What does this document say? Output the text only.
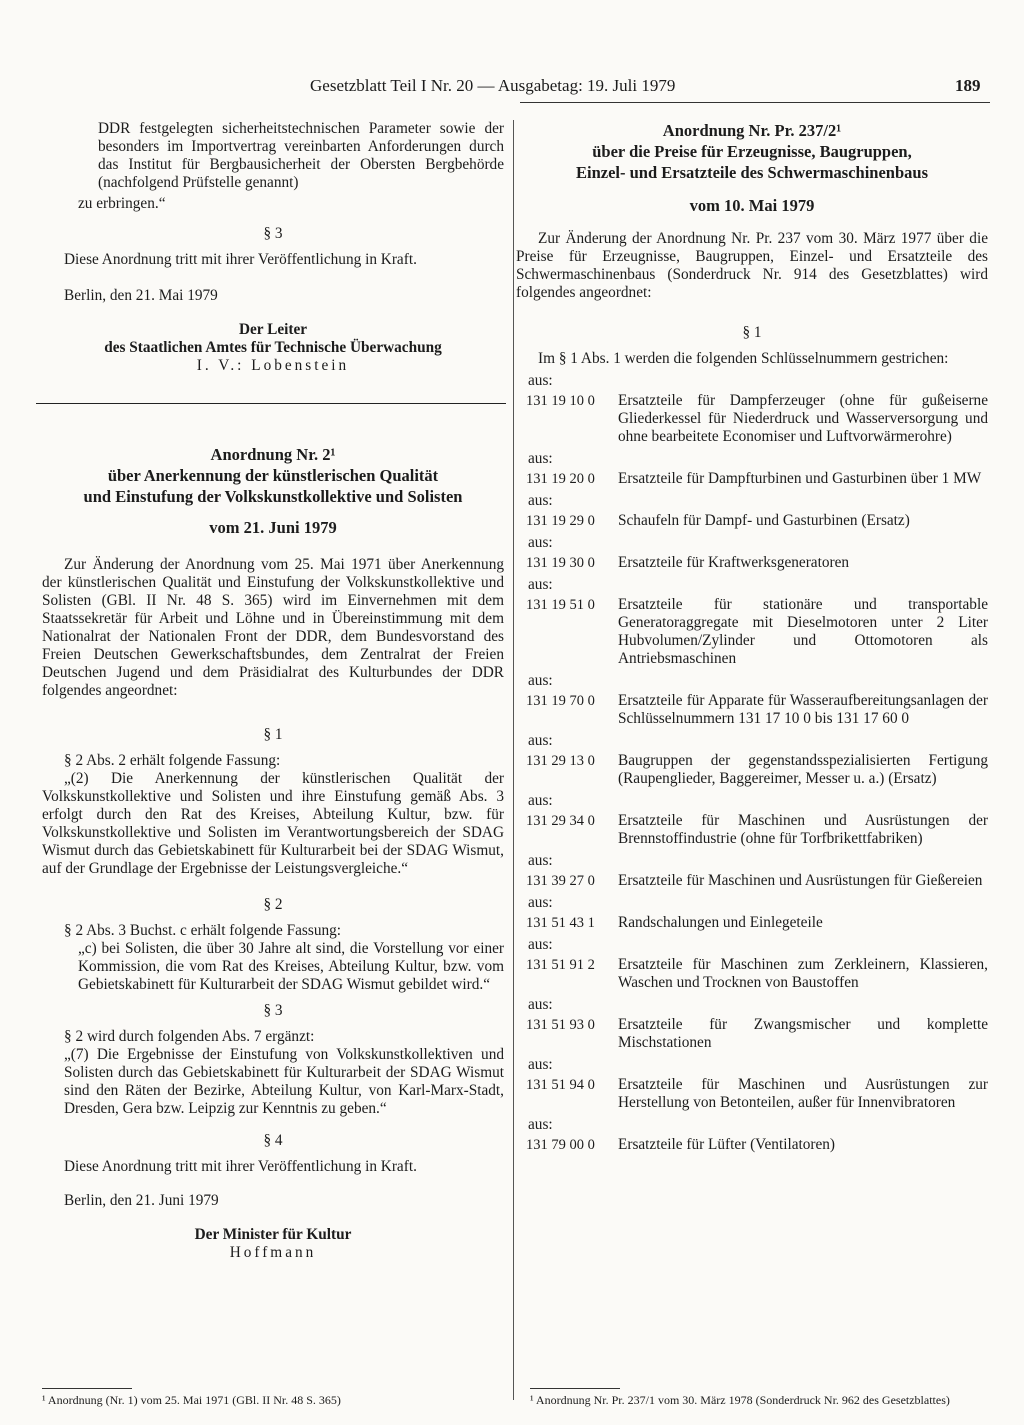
Gesetzblatt Teil I Nr. 20 — Ausgabetag: 19. Juli 1979	189

DDR festgelegten sicherheitstechnischen Parameter sowie der besonders im Importvertrag vereinbarten Anforderungen durch das Institut für Bergbausicherheit der Obersten Bergbehörde (nachfolgend Prüfstelle genannt)

zu erbringen.“

§ 3

Diese Anordnung tritt mit ihrer Veröffentlichung in Kraft.

Berlin, den 21. Mai 1979

Der Leiter

des Staatlichen Amtes für Technische Überwachung

I. V.: Lobenstein

Anordnung Nr. 2¹

über Anerkennung der künstlerischen Qualität

und Einstufung der Volkskunstkollektive und Solisten

vom 21. Juni 1979

Zur Änderung der Anordnung vom 25. Mai 1971 über Anerkennung der künstlerischen Qualität und Einstufung der Volkskunstkollektive und Solisten (GBl. II Nr. 48 S. 365) wird im Einvernehmen mit dem Staatssekretär für Arbeit und Löhne und in Übereinstimmung mit dem Nationalrat der Nationalen Front der DDR, dem Bundesvorstand des Freien Deutschen Gewerkschaftsbundes, dem Zentralrat der Freien Deutschen Jugend und dem Präsidialrat des Kulturbundes der DDR folgendes angeordnet:

§ 1

§ 2 Abs. 2 erhält folgende Fassung:

„(2) Die Anerkennung der künstlerischen Qualität der Volkskunstkollektive und Solisten und ihre Einstufung gemäß Abs. 3 erfolgt durch den Rat des Kreises, Abteilung Kultur, bzw. für Volkskunstkollektive und Solisten im Verantwortungsbereich der SDAG Wismut durch das Gebietskabinett für Kulturarbeit bei der SDAG Wismut, auf der Grundlage der Ergebnisse der Leistungsvergleiche.“

§ 2

§ 2 Abs. 3 Buchst. c erhält folgende Fassung:

„c) bei Solisten, die über 30 Jahre alt sind, die Vorstellung vor einer Kommission, die vom Rat des Kreises, Abteilung Kultur, bzw. vom Gebietskabinett für Kulturarbeit der SDAG Wismut gebildet wird.“

§ 3

§ 2 wird durch folgenden Abs. 7 ergänzt:

„(7) Die Ergebnisse der Einstufung von Volkskunstkollektiven und Solisten durch das Gebietskabinett für Kulturarbeit der SDAG Wismut sind den Räten der Bezirke, Abteilung Kultur, von Karl-Marx-Stadt, Dresden, Gera bzw. Leipzig zur Kenntnis zu geben.“

§ 4

Diese Anordnung tritt mit ihrer Veröffentlichung in Kraft.

Berlin, den 21. Juni 1979

Der Minister für Kultur

Hoffmann

¹ Anordnung (Nr. 1) vom 25. Mai 1971 (GBl. II Nr. 48 S. 365)

Anordnung Nr. Pr. 237/2¹

über die Preise für Erzeugnisse, Baugruppen,

Einzel- und Ersatzteile des Schwermaschinenbaus

vom 10. Mai 1979

Zur Änderung der Anordnung Nr. Pr. 237 vom 30. März 1977 über die Preise für Erzeugnisse, Baugruppen, Einzel- und Ersatzteile des Schwermaschinenbaus (Sonderdruck Nr. 914 des Gesetzblattes) wird folgendes angeordnet:

§ 1

Im § 1 Abs. 1 werden die folgenden Schlüsselnummern gestrichen:

aus:

131 19 10 0	Ersatzteile für Dampferzeuger (ohne für gußeiserne Gliederkessel für Niederdruck und Wasserversorgung und ohne bearbeitete Economiser und Luftvorwärmerohre)

aus:

131 19 20 0	Ersatzteile für Dampfturbinen und Gasturbinen über 1 MW

aus:

131 19 29 0	Schaufeln für Dampf- und Gasturbinen (Ersatz)

aus:

131 19 30 0	Ersatzteile für Kraftwerksgeneratoren

aus:

131 19 51 0	Ersatzteile für stationäre und transportable Generatoraggregate mit Dieselmotoren unter 2 Liter Hubvolumen/Zylinder und Ottomotoren als Antriebsmaschinen

aus:

131 19 70 0	Ersatzteile für Apparate für Wasseraufbereitungsanlagen der Schlüsselnummern 131 17 10 0 bis 131 17 60 0

aus:

131 29 13 0	Baugruppen der gegenstandsspezialisierten Fertigung (Raupenglieder, Baggereimer, Messer u. a.) (Ersatz)

aus:

131 29 34 0	Ersatzteile für Maschinen und Ausrüstungen der Brennstoffindustrie (ohne für Torfbrikettfabriken)

aus:

131 39 27 0	Ersatzteile für Maschinen und Ausrüstungen für Gießereien

aus:

131 51 43 1	Randschalungen und Einlegeteile

aus:

131 51 91 2	Ersatzteile für Maschinen zum Zerkleinern, Klassieren, Waschen und Trocknen von Baustoffen

aus:

131 51 93 0	Ersatzteile für Zwangsmischer und komplette Mischstationen

aus:

131 51 94 0	Ersatzteile für Maschinen und Ausrüstungen zur Herstellung von Betonteilen, außer für Innenvibratoren

aus:

131 79 00 0	Ersatzteile für Lüfter (Ventilatoren)

¹ Anordnung Nr. Pr. 237/1 vom 30. März 1978 (Sonderdruck Nr. 962 des Gesetzblattes)
